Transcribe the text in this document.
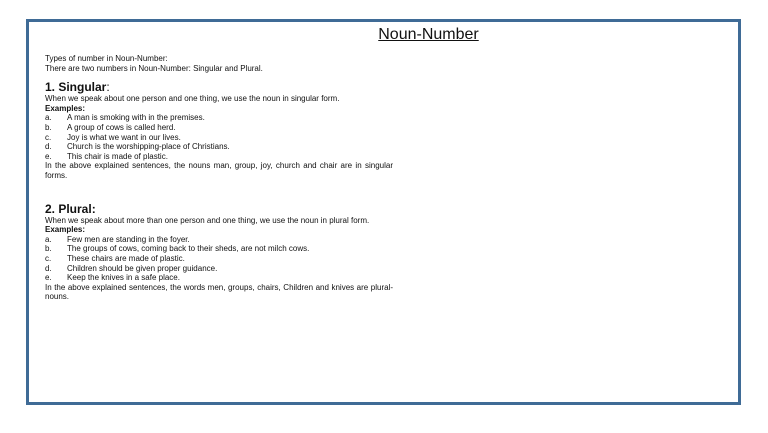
Noun-Number
Types of number in Noun-Number:
There are two numbers in Noun-Number: Singular and Plural.
1. Singular:
When we speak about one person and one thing, we use the noun in singular form.
Examples:
a.	A man is smoking with in the premises.
b.	A group of cows is called herd.
c.	Joy is what we want in our lives.
d.	Church is the worshipping-place of Christians.
e.	This chair is made of plastic.
In the above explained sentences, the nouns man, group, joy, church and chair are in singular forms.
2. Plural:
When we speak about more than one person and one thing, we use the noun in plural form.
Examples:
a.	Few men are standing in the foyer.
b.	The groups of cows, coming back to their sheds, are not milch cows.
c.	These chairs are made of plastic.
d.	Children should be given proper guidance.
e.	Keep the knives in a safe place.
In the above explained sentences, the words men, groups, chairs, Children and knives are plural-nouns.
